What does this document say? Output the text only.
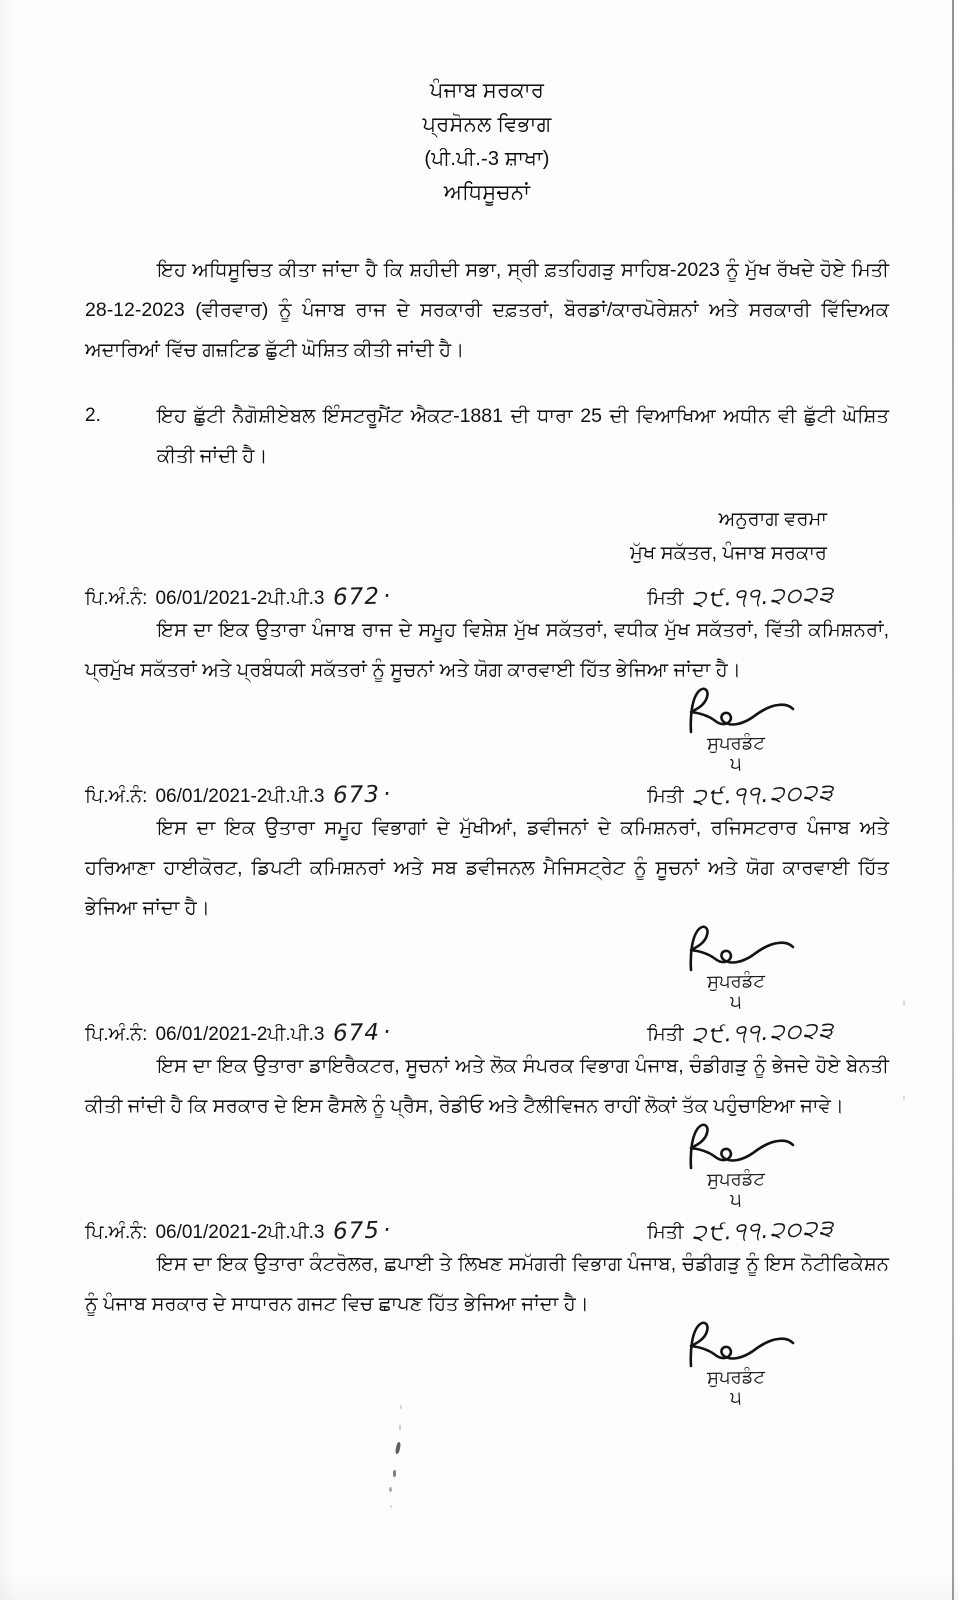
ਪੰਜਾਬ ਸਰਕਾਰ
ਪ੍ਰਸੋਨਲ ਵਿਭਾਗ
(ਪੀ.ਪੀ.-3 ਸ਼ਾਖਾ)
ਅਧਿਸੂਚਨਾਂ

ਇਹ ਅਧਿਸੂਚਿਤ ਕੀਤਾ ਜਾਂਦਾ ਹੈ ਕਿ ਸ਼ਹੀਦੀ ਸਭਾ, ਸ੍ਰੀ ਫ਼ਤਹਿਗੜੁ ਸਾਹਿਬ-2023 ਨੂੰ ਮੁੱਖ ਰੱਖਦੇ ਹੋਏ ਮਿਤੀ 28-12-2023 (ਵੀਰਵਾਰ) ਨੂੰ ਪੰਜਾਬ ਰਾਜ ਦੇ ਸਰਕਾਰੀ ਦਫ਼ਤਰਾਂ, ਬੋਰਡਾਂ/ਕਾਰਪੋਰੇਸ਼ਨਾਂ ਅਤੇ ਸਰਕਾਰੀ ਵਿੱਦਿਅਕ ਅਦਾਰਿਆਂ ਵਿੱਚ ਗਜ਼ਟਿਡ ਛੁੱਟੀ ਘੋਸ਼ਿਤ ਕੀਤੀ ਜਾਂਦੀ ਹੈ।

2.	ਇਹ ਛੁੱਟੀ ਨੈਗੋਸ਼ੀਏਬਲ ਇੰਸਟਰੂਮੈਂਟ ਐਕਟ-1881 ਦੀ ਧਾਰਾ 25 ਦੀ ਵਿਆਖਿਆ ਅਧੀਨ ਵੀ ਛੁੱਟੀ ਘੋਸ਼ਿਤ ਕੀਤੀ ਜਾਂਦੀ ਹੈ।
ਅਨੁਰਾਗ ਵਰਮਾ
ਮੁੱਖ ਸਕੱਤਰ, ਪੰਜਾਬ ਸਰਕਾਰ
ਪਿ.ਅੰ.ਨੰ: 06/01/2021-2ਪੀ.ਪੀ.3 672 ·	ਮਿਤੀ ੨੯.੧੧.੨੦੨੩

ਇਸ ਦਾ ਇਕ ਉਤਾਰਾ ਪੰਜਾਬ ਰਾਜ ਦੇ ਸਮੂਹ ਵਿਸ਼ੇਸ਼ ਮੁੱਖ ਸਕੱਤਰਾਂ, ਵਧੀਕ ਮੁੱਖ ਸਕੱਤਰਾਂ, ਵਿੱਤੀ ਕਮਿਸ਼ਨਰਾਂ, ਪ੍ਰਮੁੱਖ ਸਕੱਤਰਾਂ ਅਤੇ ਪ੍ਰਬੰਧਕੀ ਸਕੱਤਰਾਂ ਨੂੰ ਸੂਚਨਾਂ ਅਤੇ ਯੋਗ ਕਾਰਵਾਈ ਹਿੱਤ ਭੇਜਿਆ ਜਾਂਦਾ ਹੈ।

ਸੁਪਰਡੰਟ
੫
ਪਿ.ਅੰ.ਨੰ: 06/01/2021-2ਪੀ.ਪੀ.3 673 ·	ਮਿਤੀ ੨੯.੧੧.੨੦੨੩

ਇਸ ਦਾ ਇਕ ਉਤਾਰਾ ਸਮੂਹ ਵਿਭਾਗਾਂ ਦੇ ਮੁੱਖੀਆਂ, ਡਵੀਜਨਾਂ ਦੇ ਕਮਿਸ਼ਨਰਾਂ, ਰਜਿਸਟਰਾਰ ਪੰਜਾਬ ਅਤੇ ਹਰਿਆਣਾ ਹਾਈਕੋਰਟ, ਡਿਪਟੀ ਕਮਿਸ਼ਨਰਾਂ ਅਤੇ ਸਬ ਡਵੀਜਨਲ ਮੈਜਿਸਟ੍ਰੇਟ ਨੂੰ ਸੂਚਨਾਂ ਅਤੇ ਯੋਗ ਕਾਰਵਾਈ ਹਿੱਤ ਭੇਜਿਆ ਜਾਂਦਾ ਹੈ।

ਸੁਪਰਡੰਟ
੫
ਪਿ.ਅੰ.ਨੰ: 06/01/2021-2ਪੀ.ਪੀ.3 674 ·	ਮਿਤੀ ੨੯.੧੧.੨੦੨੩

ਇਸ ਦਾ ਇਕ ਉਤਾਰਾ ਡਾਇਰੈਕਟਰ, ਸੂਚਨਾਂ ਅਤੇ ਲੋਕ ਸੰਪਰਕ ਵਿਭਾਗ ਪੰਜਾਬ, ਚੰਡੀਗੜੁ ਨੂੰ ਭੇਜਦੇ ਹੋਏ ਬੇਨਤੀ ਕੀਤੀ ਜਾਂਦੀ ਹੈ ਕਿ ਸਰਕਾਰ ਦੇ ਇਸ ਫੈਸਲੇ ਨੂੰ ਪ੍ਰੈਸ, ਰੇਡੀਓ ਅਤੇ ਟੈਲੀਵਿਜਨ ਰਾਹੀਂ ਲੋਕਾਂ ਤੱਕ ਪਹੁੰਚਾਇਆ ਜਾਵੇ।

ਸੁਪਰਡੰਟ
੫
ਪਿ.ਅੰ.ਨੰ: 06/01/2021-2ਪੀ.ਪੀ.3 675 ·	ਮਿਤੀ ੨੯.੧੧.੨੦੨੩

ਇਸ ਦਾ ਇਕ ਉਤਾਰਾ ਕੰਟਰੋਲਰ, ਛਪਾਈ ਤੇ ਲਿਖਣ ਸਮੱਗਰੀ ਵਿਭਾਗ ਪੰਜਾਬ, ਚੰਡੀਗੜੁ ਨੂੰ ਇਸ ਨੋਟੀਫਿਕੇਸ਼ਨ ਨੂੰ ਪੰਜਾਬ ਸਰਕਾਰ ਦੇ ਸਾਧਾਰਨ ਗਜਟ ਵਿਚ ਛਾਪਣ ਹਿੱਤ ਭੇਜਿਆ ਜਾਂਦਾ ਹੈ।

ਸੁਪਰਡੰਟ
੫
